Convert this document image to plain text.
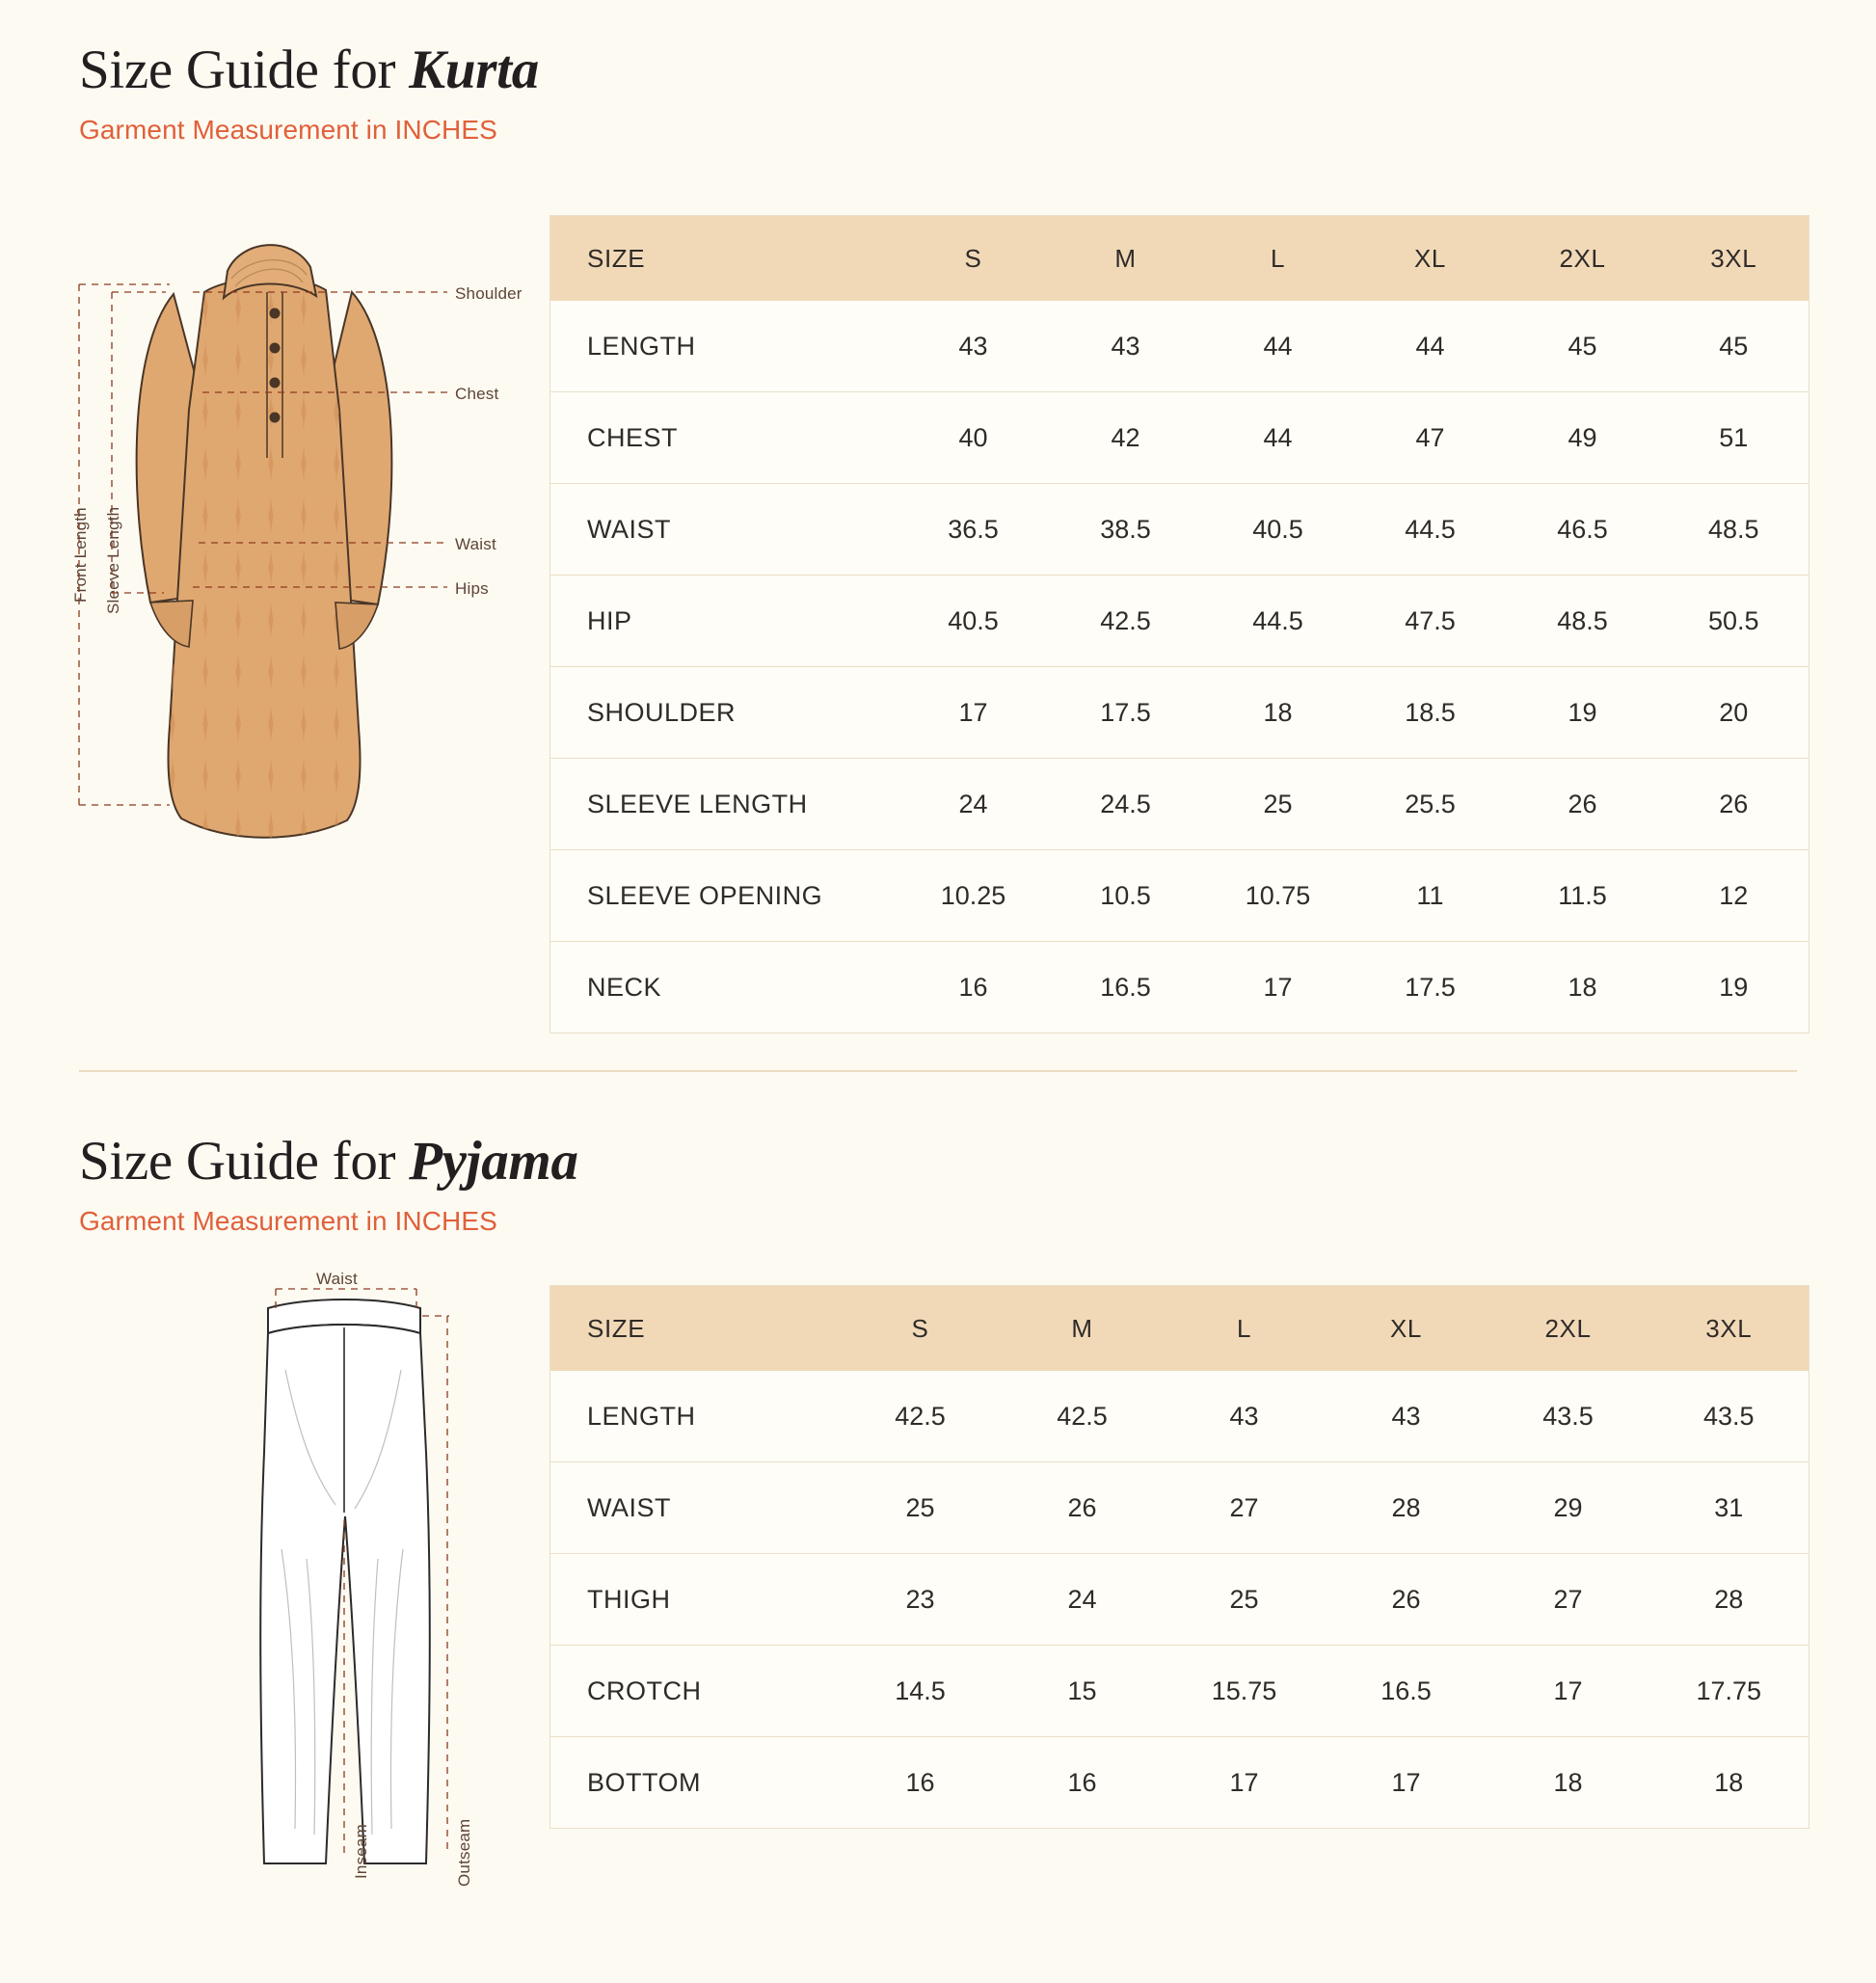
Size Guide for Kurta
Garment Measurement in INCHES
Shoulder
Chest
Waist
Hips
Front Length Sleeve Length
SIZE	S	M	L	XL	2XL	3XL
LENGTH	43	43	44	44	45	45
CHEST	40	42	44	47	49	51
WAIST	36.5	38.5	40.5	44.5	46.5	48.5
HIP	40.5	42.5	44.5	47.5	48.5	50.5
SHOULDER	17	17.5	18	18.5	19	20
SLEEVE LENGTH	24	24.5	25	25.5	26	26
SLEEVE OPENING	10.25	10.5	10.75	11	11.5	12
NECK	16	16.5	17	17.5	18	19
Size Guide for Pyjama
Garment Measurement in INCHES
Waist
Inseam	Outseam
SIZE	S	M	L	XL	2XL	3XL
LENGTH	42.5	42.5	43	43	43.5	43.5
WAIST	25	26	27	28	29	31
THIGH	23	24	25	26	27	28
CROTCH	14.5	15	15.75	16.5	17	17.75
BOTTOM	16	16	17	17	18	18
